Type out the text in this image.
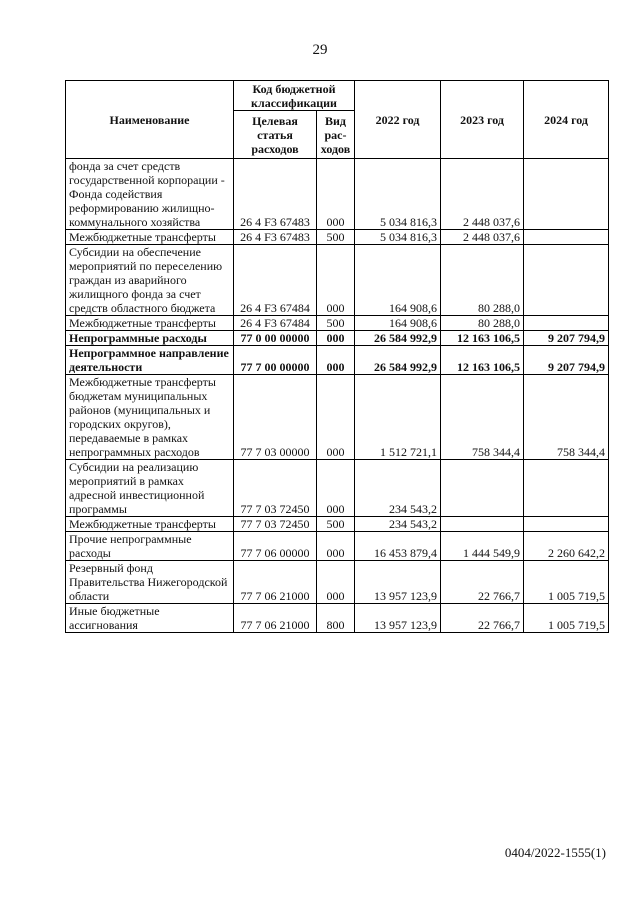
29
Наименование	Код бюджетной классификации		2022 год	2023 год	2024 год
	Целевая статья расходов	Вид рас-ходов			
фонда за счет средств государственной корпорации - Фонда содействия реформированию жилищно-коммунального хозяйства	26 4 F3 67483	000	5 034 816,3	2 448 037,6	
Межбюджетные трансферты	26 4 F3 67483	500	5 034 816,3	2 448 037,6	
Субсидии на обеспечение мероприятий по переселению граждан из аварийного жилищного фонда за счет средств областного бюджета	26 4 F3 67484	000	164 908,6	80 288,0	
Межбюджетные трансферты	26 4 F3 67484	500	164 908,6	80 288,0	
Непрограммные расходы	77 0 00 00000	000	26 584 992,9	12 163 106,5	9 207 794,9
Непрограммное направление деятельности	77 7 00 00000	000	26 584 992,9	12 163 106,5	9 207 794,9
Межбюджетные трансферты бюджетам муниципальных районов (муниципальных и городских округов), передаваемые в рамках непрограммных расходов	77 7 03 00000	000	1 512 721,1	758 344,4	758 344,4
Субсидии на реализацию мероприятий в рамках адресной инвестиционной программы	77 7 03 72450	000	234 543,2		
Межбюджетные трансферты	77 7 03 72450	500	234 543,2		
Прочие непрограммные расходы	77 7 06 00000	000	16 453 879,4	1 444 549,9	2 260 642,2
Резервный фонд Правительства Нижегородской области	77 7 06 21000	000	13 957 123,9	22 766,7	1 005 719,5
Иные бюджетные ассигнования	77 7 06 21000	800	13 957 123,9	22 766,7	1 005 719,5
0404/2022-1555(1)
